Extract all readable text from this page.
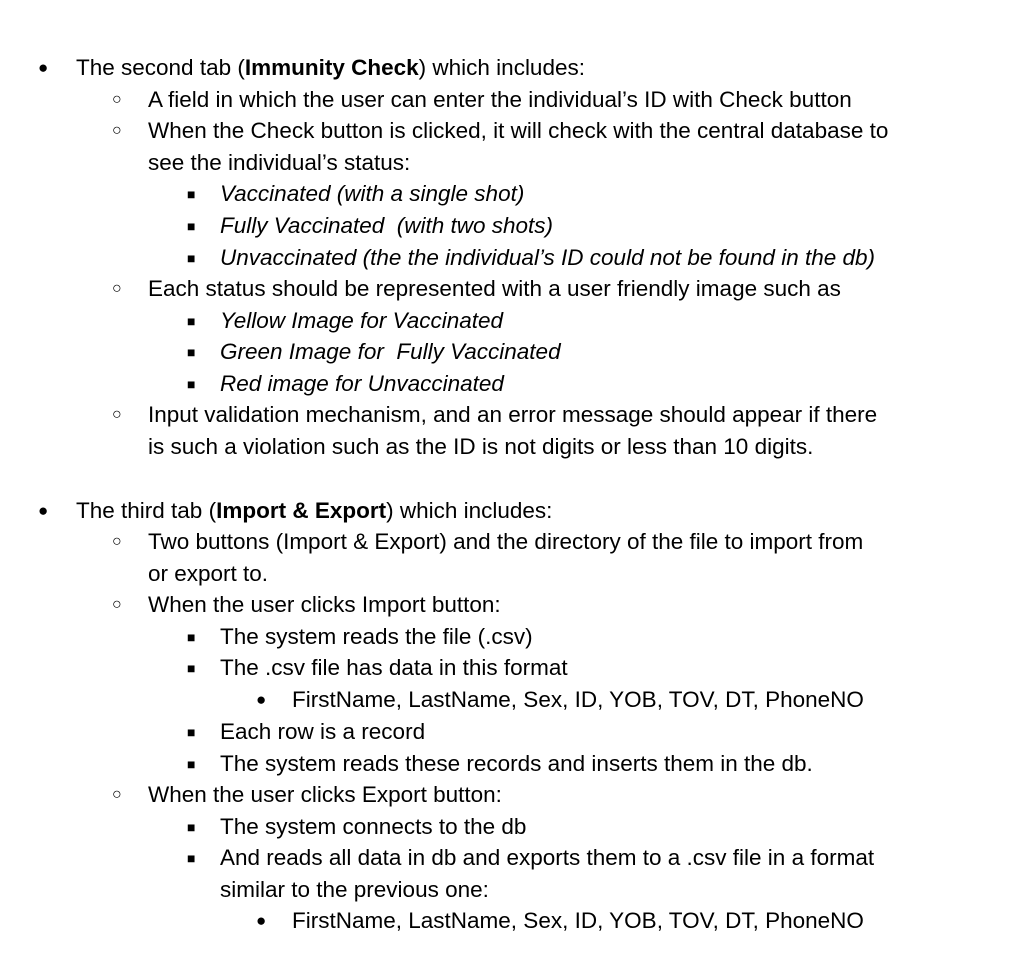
● The second tab (Immunity Check) which includes:
○ A field in which the user can enter the individual’s ID with Check button
○ When the Check button is clicked, it will check with the central database to
see the individual’s status:
■ Vaccinated (with a single shot)
■ Fully Vaccinated  (with two shots)
■ Unvaccinated (the the individual’s ID could not be found in the db)
○ Each status should be represented with a user friendly image such as
■ Yellow Image for Vaccinated
■ Green Image for  Fully Vaccinated
■ Red image for Unvaccinated
○ Input validation mechanism, and an error message should appear if there
is such a violation such as the ID is not digits or less than 10 digits.
● The third tab (Import & Export) which includes:
○ Two buttons (Import & Export) and the directory of the file to import from
or export to.
○ When the user clicks Import button:
■ The system reads the file (.csv)
■ The .csv file has data in this format
● FirstName, LastName, Sex, ID, YOB, TOV, DT, PhoneNO
■ Each row is a record
■ The system reads these records and inserts them in the db.
○ When the user clicks Export button:
■ The system connects to the db
■ And reads all data in db and exports them to a .csv file in a format
similar to the previous one:
● FirstName, LastName, Sex, ID, YOB, TOV, DT, PhoneNO
